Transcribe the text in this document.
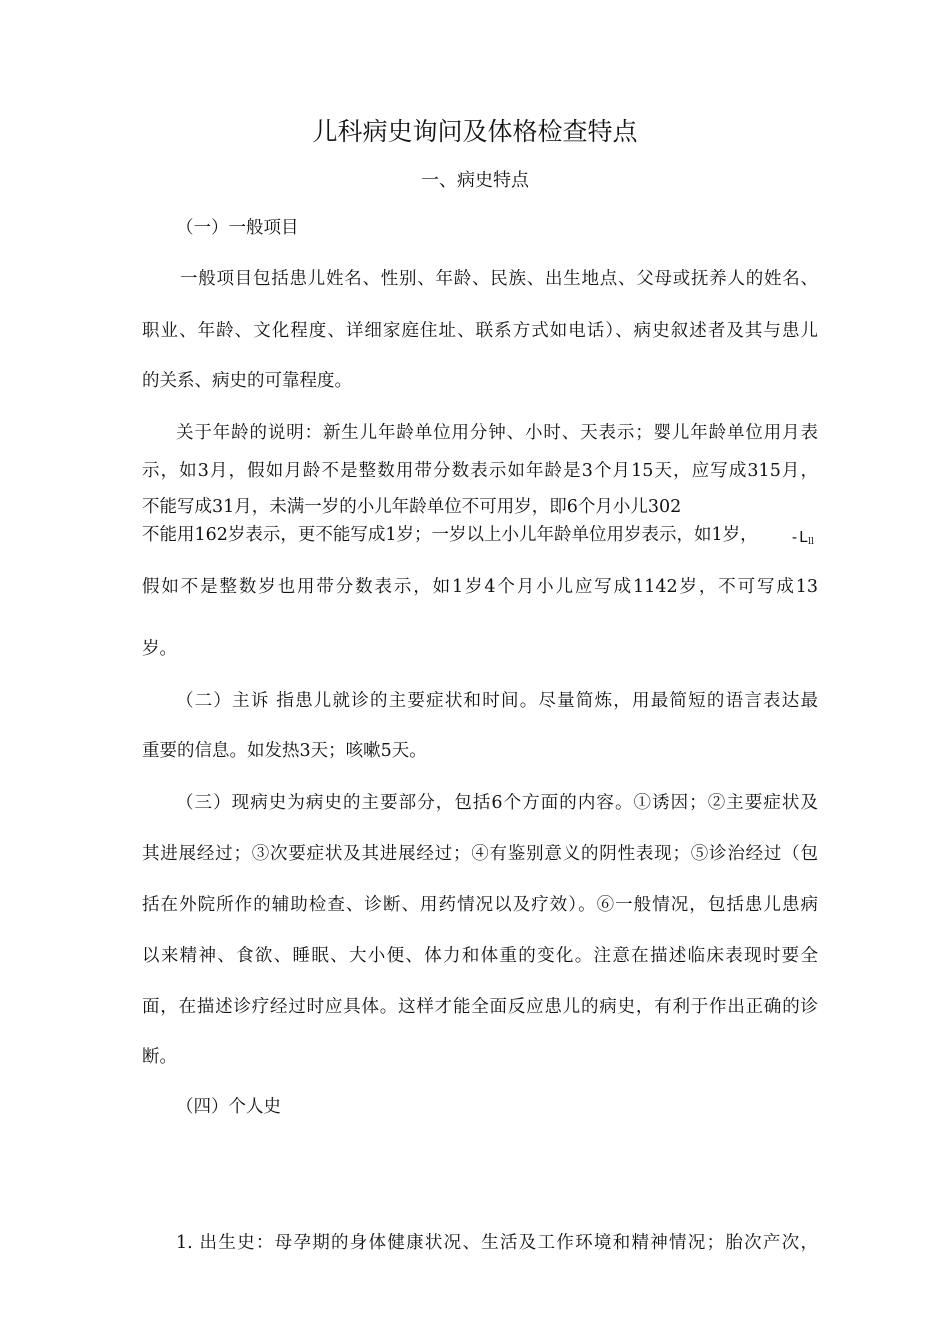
儿科病史询问及体格检查特点
一、病史特点
（一）一般项目
一般项目包括患儿姓名、性别、年龄、民族、出生地点、父母或抚养人的姓名、
职业、年龄、文化程度、详细家庭住址、联系方式如电话）、病史叙述者及其与患儿
的关系、病史的可靠程度。
关于年龄的说明：新生儿年龄单位用分钟、小时、天表示；婴儿年龄单位用月表
示，如3月，假如月龄不是整数用带分数表示如年龄是3个月15天，应写成315月，
不能写成31月，未满一岁的小儿年龄单位不可用岁，即6个月小儿302
不能用162岁表示，更不能写成1岁；一岁以上小儿年龄单位用岁表示，如1岁，	$-L_{ll}$
假如不是整数岁也用带分数表示，如1岁4个月小儿应写成1142岁，不可写成13
岁。
（二）主诉 指患儿就诊的主要症状和时间。尽量简炼，用最简短的语言表达最
重要的信息。如发热3天；咳嗽5天。
（三）现病史为病史的主要部分，包括6个方面的内容。①诱因；②主要症状及
其进展经过；③次要症状及其进展经过；④有鉴别意义的阴性表现；⑤诊治经过（包
括在外院所作的辅助检查、诊断、用药情况以及疗效）。⑥一般情况，包括患儿患病
以来精神、食欲、睡眠、大小便、体力和体重的变化。注意在描述临床表现时要全
面，在描述诊疗经过时应具体。这样才能全面反应患儿的病史，有利于作出正确的诊
断。
（四）个人史
1. 出生史：母孕期的身体健康状况、生活及工作环境和精神情况；胎次产次，
